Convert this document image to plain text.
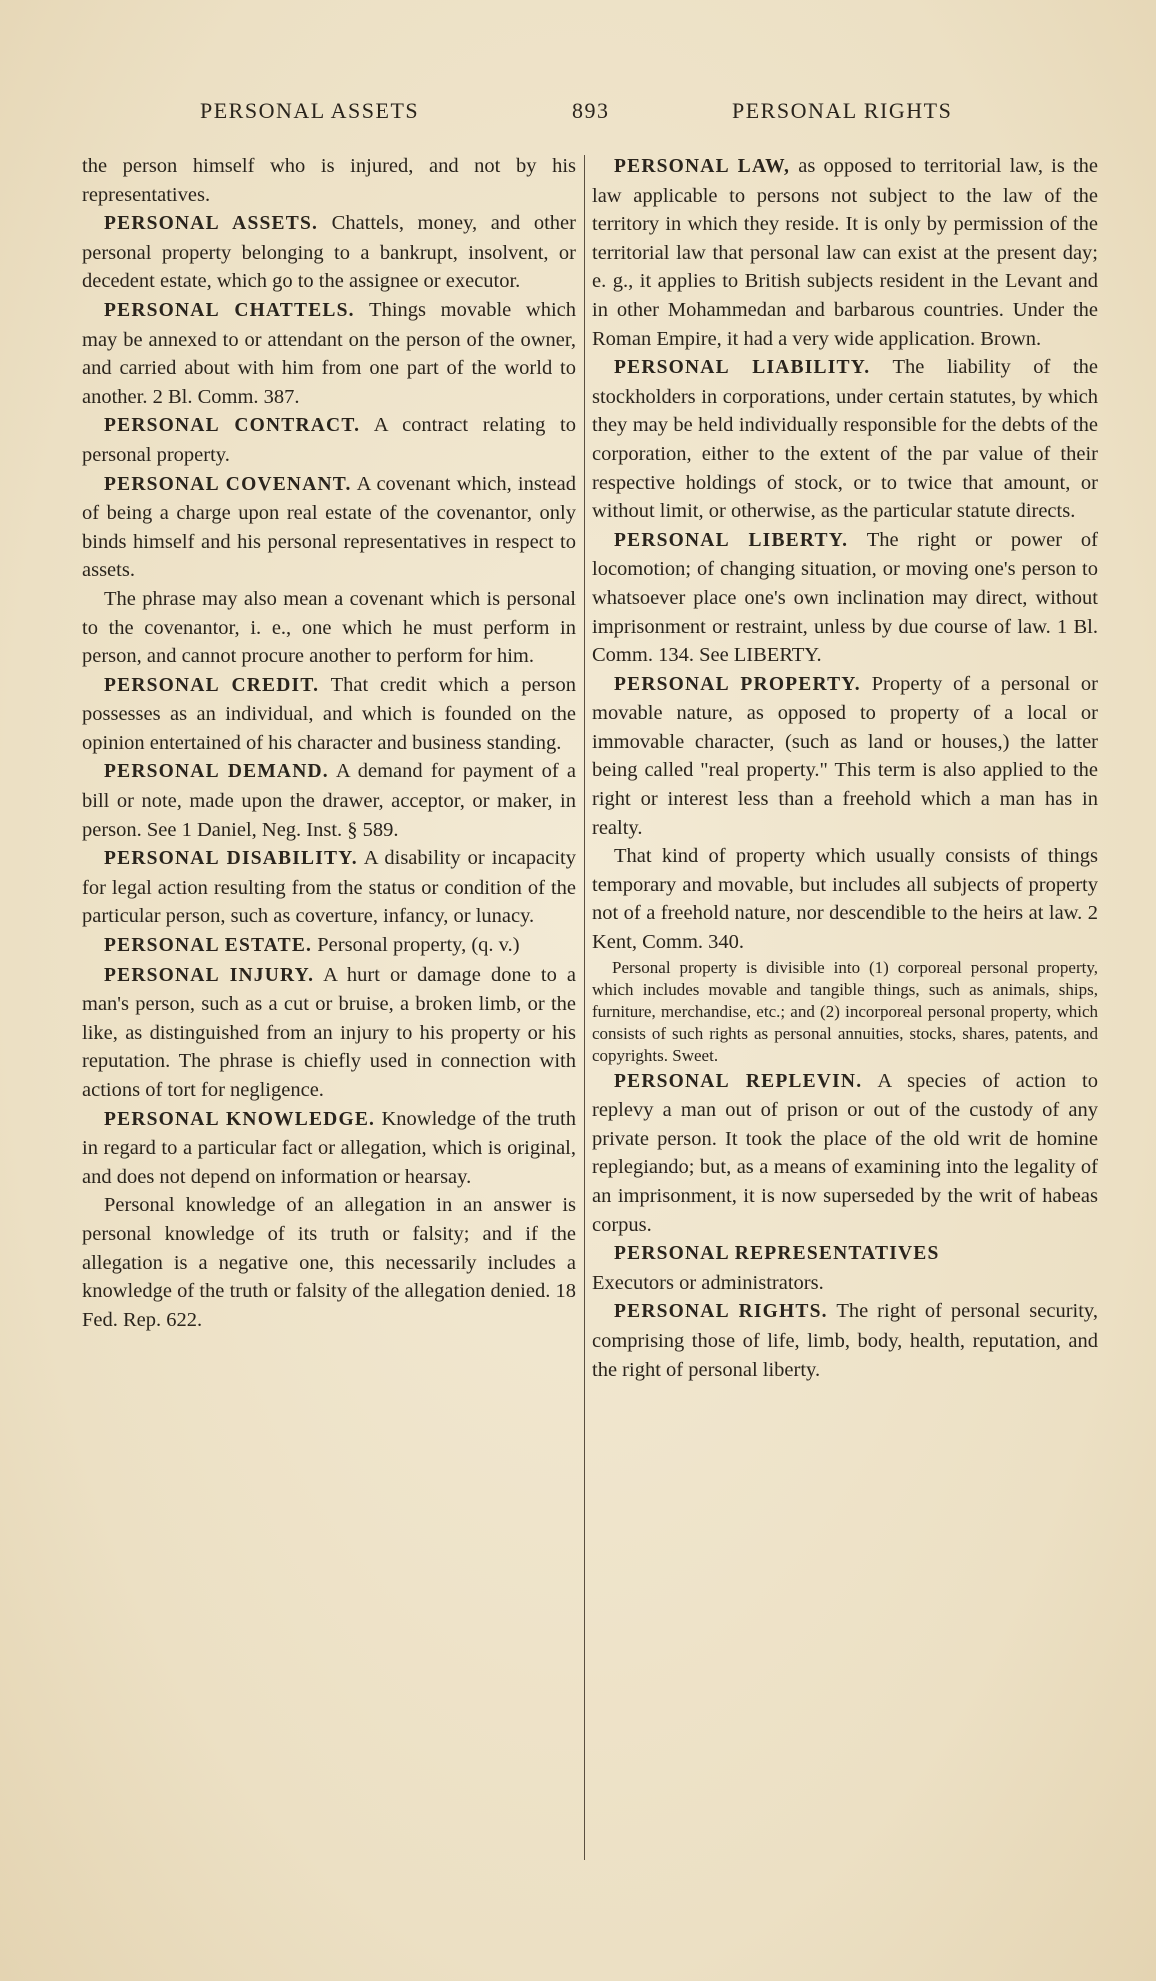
PERSONAL ASSETS	893	PERSONAL RIGHTS

the person himself who is injured, and not by his representatives.

PERSONAL ASSETS. Chattels, money, and other personal property belonging to a bankrupt, insolvent, or decedent estate, which go to the assignee or executor.

PERSONAL CHATTELS. Things movable which may be annexed to or attendant on the person of the owner, and carried about with him from one part of the world to another. 2 Bl. Comm. 387.

PERSONAL CONTRACT. A contract relating to personal property.

PERSONAL COVENANT. A covenant which, instead of being a charge upon real estate of the covenantor, only binds himself and his personal representatives in respect to assets.

The phrase may also mean a covenant which is personal to the covenantor, i. e., one which he must perform in person, and cannot procure another to perform for him.

PERSONAL CREDIT. That credit which a person possesses as an individual, and which is founded on the opinion entertained of his character and business standing.

PERSONAL DEMAND. A demand for payment of a bill or note, made upon the drawer, acceptor, or maker, in person. See 1 Daniel, Neg. Inst. § 589.

PERSONAL DISABILITY. A disability or incapacity for legal action resulting from the status or condition of the particular person, such as coverture, infancy, or lunacy.

PERSONAL ESTATE. Personal property, (q. v.)

PERSONAL INJURY. A hurt or damage done to a man's person, such as a cut or bruise, a broken limb, or the like, as distinguished from an injury to his property or his reputation. The phrase is chiefly used in connection with actions of tort for negligence.

PERSONAL KNOWLEDGE. Knowledge of the truth in regard to a particular fact or allegation, which is original, and does not depend on information or hearsay.

Personal knowledge of an allegation in an answer is personal knowledge of its truth or falsity; and if the allegation is a negative one, this necessarily includes a knowledge of the truth or falsity of the allegation denied. 18 Fed. Rep. 622.

PERSONAL LAW, as opposed to territorial law, is the law applicable to persons not subject to the law of the territory in which they reside. It is only by permission of the territorial law that personal law can exist at the present day; e. g., it applies to British subjects resident in the Levant and in other Mohammedan and barbarous countries. Under the Roman Empire, it had a very wide application. Brown.

PERSONAL LIABILITY. The liability of the stockholders in corporations, under certain statutes, by which they may be held individually responsible for the debts of the corporation, either to the extent of the par value of their respective holdings of stock, or to twice that amount, or without limit, or otherwise, as the particular statute directs.

PERSONAL LIBERTY. The right or power of locomotion; of changing situation, or moving one's person to whatsoever place one's own inclination may direct, without imprisonment or restraint, unless by due course of law. 1 Bl. Comm. 134. See LIBERTY.

PERSONAL PROPERTY. Property of a personal or movable nature, as opposed to property of a local or immovable character, (such as land or houses,) the latter being called "real property." This term is also applied to the right or interest less than a freehold which a man has in realty.

That kind of property which usually consists of things temporary and movable, but includes all subjects of property not of a freehold nature, nor descendible to the heirs at law. 2 Kent, Comm. 340.

Personal property is divisible into (1) corporeal personal property, which includes movable and tangible things, such as animals, ships, furniture, merchandise, etc.; and (2) incorporeal personal property, which consists of such rights as personal annuities, stocks, shares, patents, and copyrights. Sweet.

PERSONAL REPLEVIN. A species of action to replevy a man out of prison or out of the custody of any private person. It took the place of the old writ de homine replegiando; but, as a means of examining into the legality of an imprisonment, it is now superseded by the writ of habeas corpus.

PERSONAL REPRESENTATIVES
Executors or administrators.

PERSONAL RIGHTS. The right of personal security, comprising those of life, limb, body, health, reputation, and the right of personal liberty.
